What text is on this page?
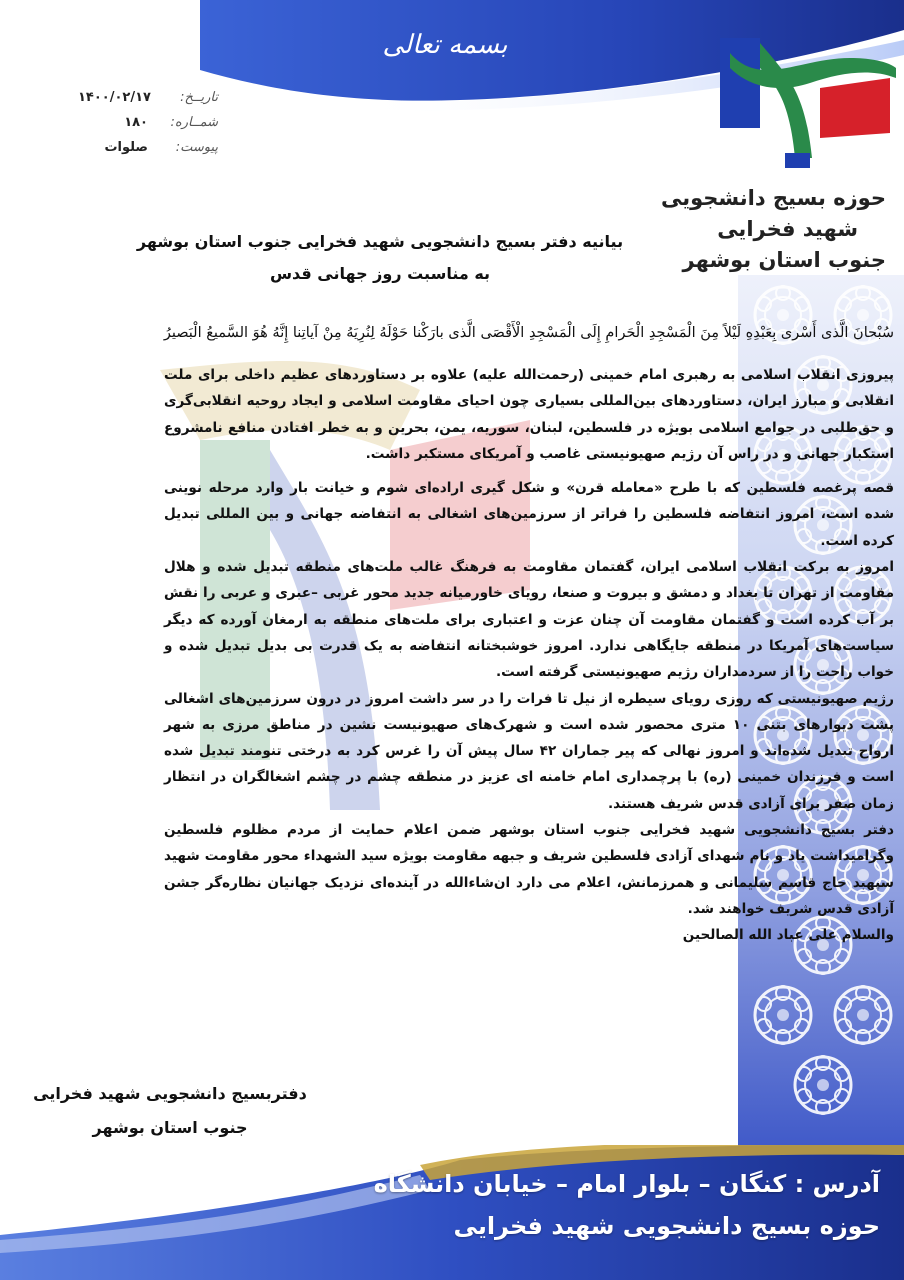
بسمه تعالی
حوزه بسیج دانشجویی
شهید فخرایی
جنوب استان بوشهر
تاریــخ:
۱۴۰۰/۰۲/۱۷
شمــاره:
۱۸۰
پیوست:
صلوات
بیانیه دفتر بسیج دانشجویی شهید فخرایی جنوب استان بوشهر
به مناسبت روز جهانی قدس

سُبْحانَ الَّذی أَسْری بِعَبْدِهِ لَیْلاً مِنَ الْمَسْجِدِ الْحَرامِ إِلَی الْمَسْجِدِ الْأَقْصَی الَّذی بارَکْنا حَوْلَهُ لِنُرِیَهُ مِنْ آیاتِنا إِنَّهُ هُوَ السَّمیعُ الْبَصیرُ

پیروزی انقلاب اسلامی به رهبری امام خمینی (رحمت‌الله علیه) علاوه بر دستاوردهای عظیم داخلی برای ملت انقلابی و مبارز ایران، دستاوردهای بین‌المللی بسیاری چون احیای مقاومت اسلامی و ایجاد روحیه انقلابی‌گری و حق‌طلبی در جوامع اسلامی بویژه در فلسطین، لبنان، سوریه، یمن، بحرین و به خطر افتادن منافع نامشروع استکبار جهانی و در راس آن رژیم صهیونیستی غاصب و آمریکای مستکبر داشت.

قصه پرغصه فلسطین که با طرح «معامله قرن» و شکل گیری اراده‌ای شوم و خیانت بار وارد مرحله نوینی شده است، امروز انتفاضه فلسطین را فراتر از سرزمین‌های اشغالی به انتفاضه جهانی و بین المللی تبدیل کرده است.

امروز به برکت انقلاب اسلامی ایران، گفتمان مقاومت به فرهنگ غالب ملت‌های منطقه تبدیل شده و هلال مقاومت از تهران تا بغداد و دمشق و بیروت و صنعا، رویای خاورمیانه جدید محور غربی –عبری و عربی را نقش بر آب کرده است و گفتمان مقاومت آن چنان عزت و اعتباری برای ملت‌های منطقه به ارمغان آورده که دیگر سیاست‌های آمریکا در منطقه جایگاهی ندارد. امروز خوشبختانه انتفاضه به یک قدرت بی بدیل تبدیل شده و خواب راحت را از سردمداران رژیم صهیونیستی گرفته است.

رژیم صهیونیستی که روزی رویای سیطره از نیل تا فرات را در سر داشت امروز در درون سرزمین‌های اشغالی پشت دیوارهای بتنی ۱۰ متری محصور شده است و شهرک‌های صهیونیست نشین در مناطق مرزی به شهر ارواح تبدیل شده‌اند و امروز نهالی که پیر جماران ۴۲ سال پیش آن را غرس کرد به درختی تنومند تبدیل شده است و فرزندان خمینی (ره) با پرچمداری امام خامنه ای عزیز در منطقه چشم در چشم اشغالگران در انتظار زمان صفر برای آزادی قدس شریف هستند.

دفتر بسیج دانشجویی شهید فخرایی جنوب استان بوشهر ضمن اعلام حمایت از مردم مظلوم فلسطین وگرامیداشت یاد و نام شهدای آزادی فلسطین شریف و جبهه مقاومت بویژه سید الشهداء محور مقاومت شهید سپهبد حاج قاسم سلیمانی و همرزمانش، اعلام می دارد ان‌شاءالله در آینده‌ای نزدیک جهانیان نظاره‌گر جشن آزادی قدس شریف خواهند شد.

والسلام علی عباد الله الصالحین

دفتربسیج دانشجویی شهید فخرایی
جنوب استان بوشهر
آدرس : کنگان – بلوار امام – خیابان دانشگاه
حوزه بسیج دانشجویی شهید فخرایی
